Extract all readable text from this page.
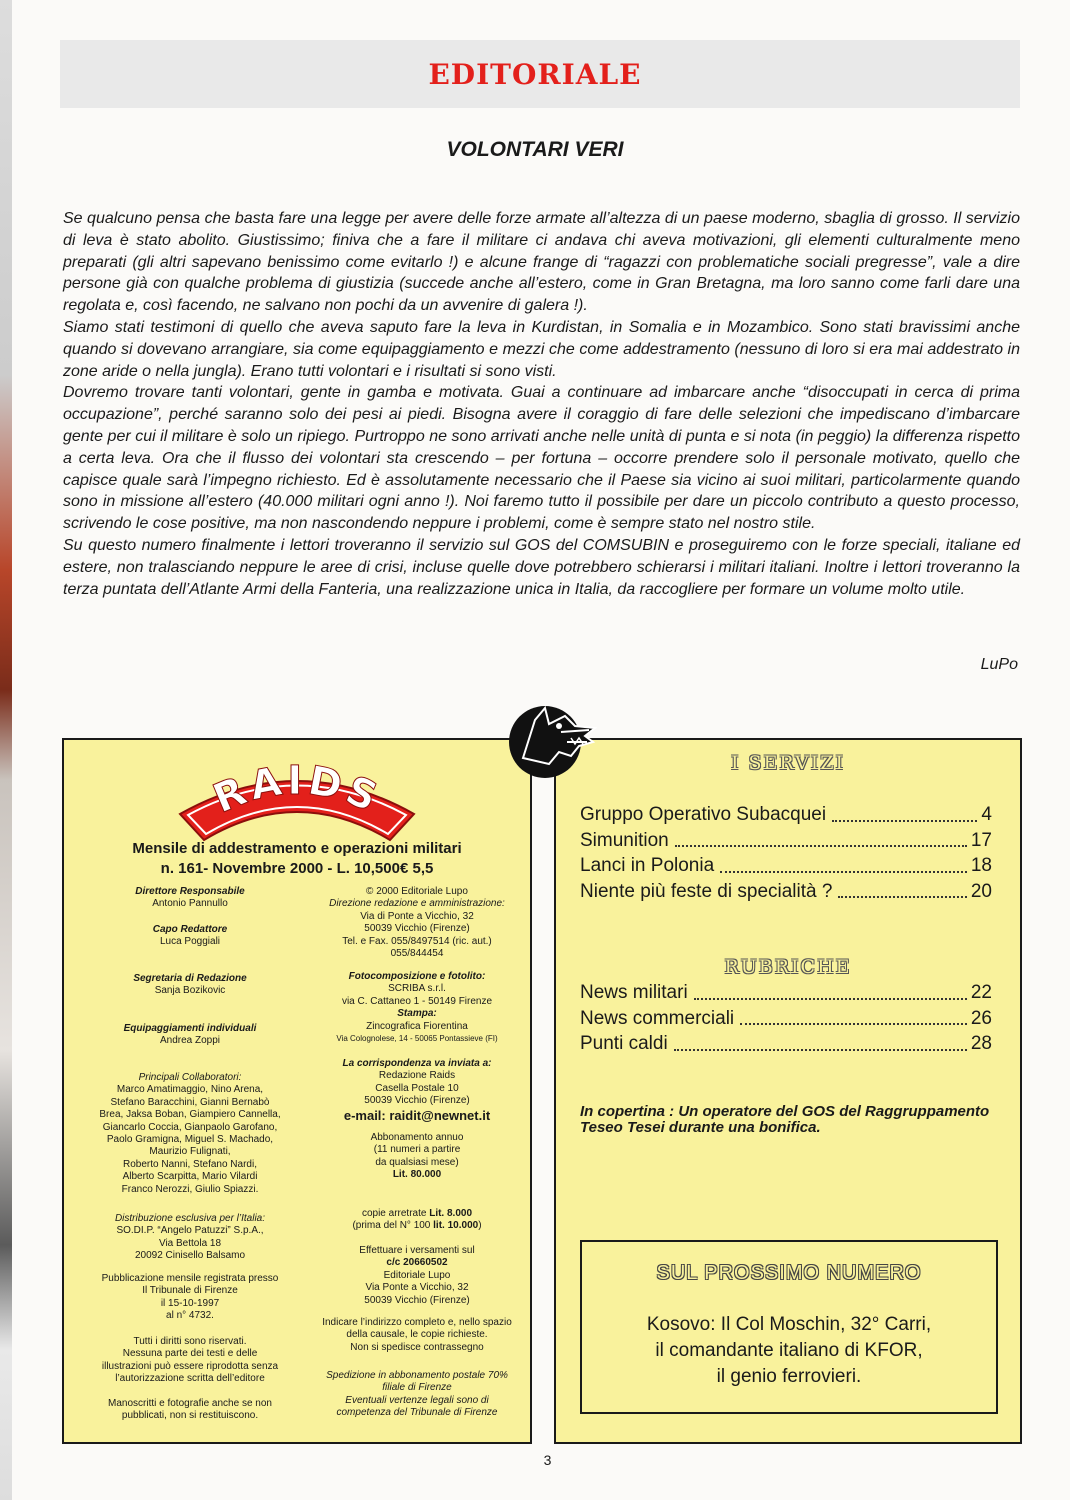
EDITORIALE
VOLONTARI VERI

Se qualcuno pensa che basta fare una legge per avere delle forze armate all’altezza di un paese moderno, sbaglia di grosso. Il servizio di leva è stato abolito. Giustissimo; finiva che a fare il militare ci andava chi aveva motivazioni, gli elementi culturalmente meno preparati (gli altri sapevano benissimo come evitarlo !) e alcune frange di “ragazzi con problematiche sociali pregresse”, vale a dire persone già con qualche problema di giustizia (succede anche all’estero, come in Gran Bretagna, ma loro sanno come farli dare una regolata e, così facendo, ne salvano non pochi da un avvenire di galera !).

Siamo stati testimoni di quello che aveva saputo fare la leva in Kurdistan, in Somalia e in Mozambico. Sono stati bravissimi anche quando si dovevano arrangiare, sia come equipaggiamento e mezzi che come addestramento (nessuno di loro si era mai addestrato in zone aride o nella jungla). Erano tutti volontari e i risultati si sono visti.

Dovremo trovare tanti volontari, gente in gamba e motivata. Guai a continuare ad imbarcare anche “disoccupati in cerca di prima occupazione”, perché saranno solo dei pesi ai piedi. Bisogna avere il coraggio di fare delle selezioni che impediscano d’imbarcare gente per cui il militare è solo un ripiego. Purtroppo ne sono arrivati anche nelle unità di punta e si nota (in peggio) la differenza rispetto a certa leva. Ora che il flusso dei volontari sta crescendo – per fortuna – occorre prendere solo il personale motivato, quello che capisce quale sarà l’impegno richiesto. Ed è assolutamente necessario che il Paese sia vicino ai suoi militari, particolarmente quando sono in missione all’estero (40.000 militari ogni anno !). Noi faremo tutto il possibile per dare un piccolo contributo a questo processo, scrivendo le cose positive, ma non nascondendo neppure i problemi, come è sempre stato nel nostro stile.

Su questo numero finalmente i lettori troveranno il servizio sul GOS del COMSUBIN e proseguiremo con le forze speciali, italiane ed estere, non tralasciando neppure le aree di crisi, incluse quelle dove potrebbero schierarsi i militari italiani. Inoltre i lettori troveranno la terza puntata dell’Atlante Armi della Fanteria, una realizzazione unica in Italia, da raccogliere per formare un volume molto utile.

LuPo
RAIDS
Mensile di addestramento e operazioni militari
n. 161- Novembre 2000 - L. 10,500€ 5,5
Direttore Responsabile
Antonio Pannullo
Capo Redattore
Luca Poggiali
Segretaria di Redazione
Sanja Bozikovic
Equipaggiamenti individuali
Andrea Zoppi
Principali Collaboratori:
Marco Amatimaggio, Nino Arena,
Stefano Baracchini, Gianni Bernabò
Brea, Jaksa Boban, Giampiero Cannella,
Giancarlo Coccia, Gianpaolo Garofano,
Paolo Gramigna, Miguel S. Machado,
Maurizio Fulignati,
Roberto Nanni, Stefano Nardi,
Alberto Scarpitta, Mario Vilardi
Franco Nerozzi, Giulio Spiazzi.
Distribuzione esclusiva per l’Italia:
SO.DI.P. “Angelo Patuzzi” S.p.A.,
Via Bettola 18
20092 Cinisello Balsamo
Pubblicazione mensile registrata presso
Il Tribunale di Firenze
il 15-10-1997
al n° 4732.
Tutti i diritti sono riservati.
Nessuna parte dei testi e delle
illustrazioni può essere riprodotta senza
l’autorizzazione scritta dell’editore
Manoscritti e fotografie anche se non
pubblicati, non si restituiscono.
© 2000 Editoriale Lupo
Direzione redazione e amministrazione:
Via di Ponte a Vicchio, 32
50039 Vicchio (Firenze)
Tel. e Fax. 055/8497514 (ric. aut.)
055/844454
Fotocomposizione e fotolito:
SCRIBA s.r.l.
via C. Cattaneo 1 - 50149 Firenze
Stampa:
Zincografica Fiorentina
Via Colognolese, 14 - 50065 Pontassieve (FI)
La corrispondenza va inviata a:
Redazione Raids
Casella Postale 10
50039 Vicchio (Firenze)
e-mail: raidit@newnet.it
Abbonamento annuo
(11 numeri a partire
da qualsiasi mese)
Lit. 80.000
copie arretrate Lit. 8.000
(prima del N° 100 lit. 10.000)
Effettuare i versamenti sul
c/c 20660502
Editoriale Lupo
Via Ponte a Vicchio, 32
50039 Vicchio (Firenze)
Indicare l’indirizzo completo e, nello spazio
della causale, le copie richieste.
Non si spedisce contrassegno
Spedizione in abbonamento postale 70%
filiale di Firenze
Eventuali vertenze legali sono di
competenza del Tribunale di Firenze
I SERVIZI
Gruppo Operativo Subacquei	4
Simunition	17
Lanci in Polonia	18
Niente più feste di specialità ?	20
RUBRICHE
News militari	22
News commerciali	26
Punti caldi	28
In copertina : Un operatore del GOS del Raggruppamento Teseo Tesei durante una bonifica.
SUL PROSSIMO NUMERO
Kosovo: Il Col Moschin, 32° Carri,
il comandante italiano di KFOR,
il genio ferrovieri.
3
